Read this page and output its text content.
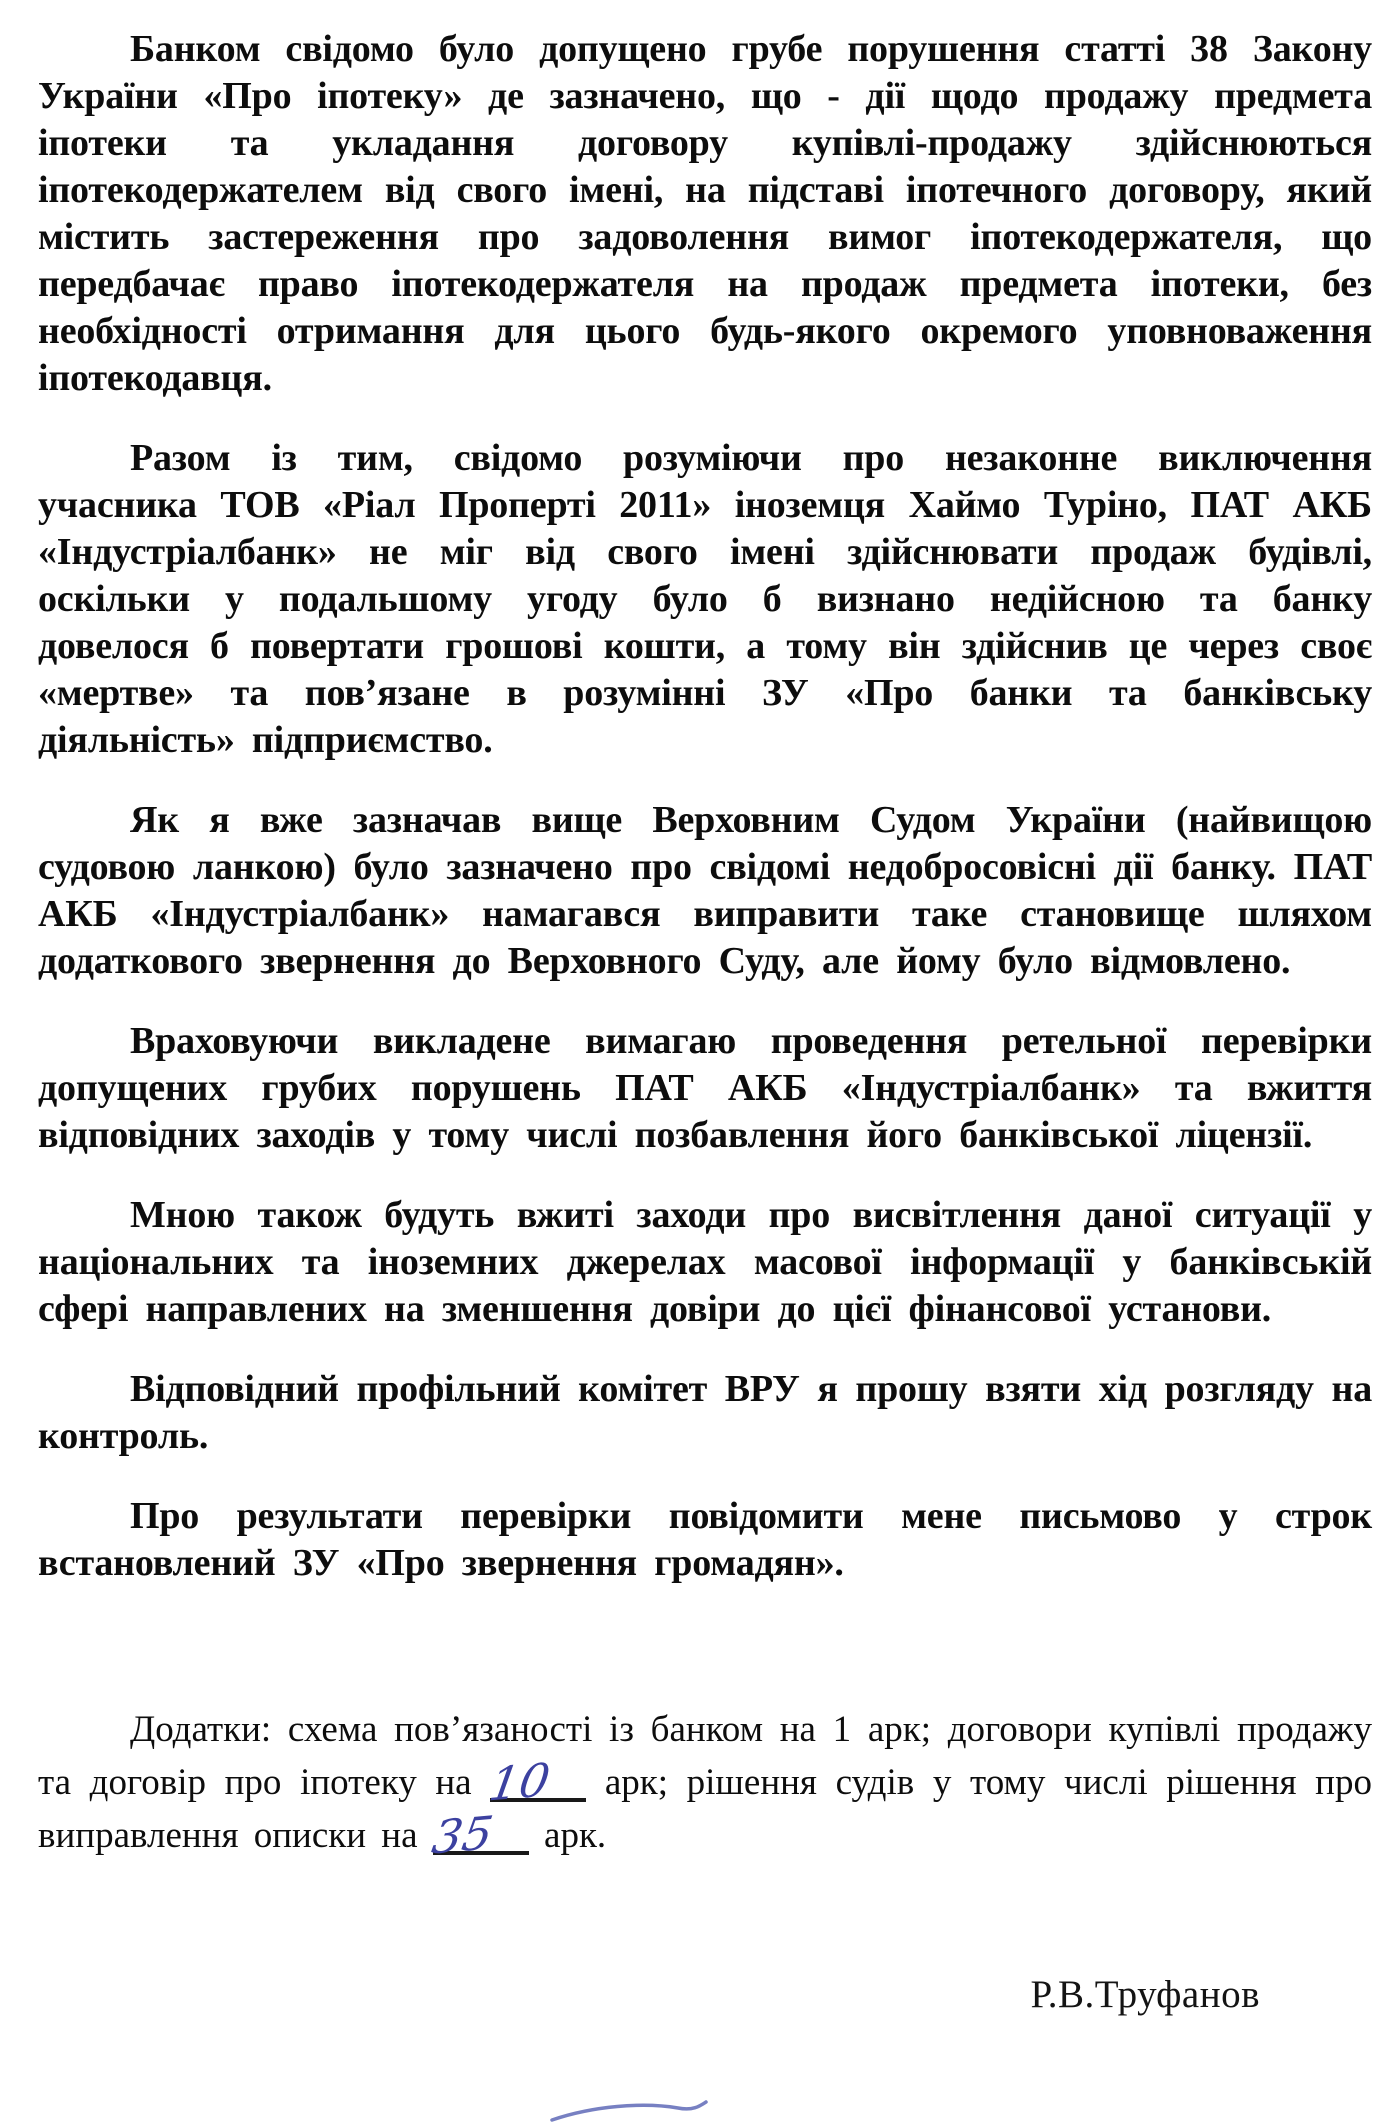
Банком свідомо було допущено грубе порушення статті 38 Закону України «Про іпотеку» де зазначено, що - дії щодо продажу предмета іпотеки та укладання договору купівлі-продажу здійснюються іпотекодержателем від свого імені, на підставі іпотечного договору, який містить застереження про задоволення вимог іпотекодержателя, що передбачає право іпотекодержателя на продаж предмета іпотеки, без необхідності отримання для цього будь-якого окремого уповноваження іпотекодавця.

Разом із тим, свідомо розуміючи про незаконне виключення учасника ТОВ «Ріал Проперті 2011» іноземця Хаймо Туріно, ПАТ АКБ «Індустріалбанк» не міг від свого імені здійснювати продаж будівлі, оскільки у подальшому угоду було б визнано недійсною та банку довелося б повертати грошові кошти, а тому він здійснив це через своє «мертве» та пов’язане в розумінні ЗУ «Про банки та банківську діяльність» підприємство.

Як я вже зазначав вище Верховним Судом України (найвищою судовою ланкою) було зазначено про свідомі недобросовісні дії банку. ПАТ АКБ «Індустріалбанк» намагався виправити таке становище шляхом додаткового звернення до Верховного Суду, але йому було відмовлено.

Враховуючи викладене вимагаю проведення ретельної перевірки допущених грубих порушень ПАТ АКБ «Індустріалбанк» та вжиття відповідних заходів у тому числі позбавлення його банківської ліцензії.

Мною також будуть вжиті заходи про висвітлення даної ситуації у національних та іноземних джерелах масової інформації у банківській сфері направлених на зменшення довіри до цієї фінансової установи.

Відповідний профільний комітет ВРУ я прошу взяти хід розгляду на контроль.

Про результати перевірки повідомити мене письмово у строк встановлений ЗУ «Про звернення громадян».

Додатки: схема пов’язаності із банком на 1 арк; договори купівлі продажу та договір про іпотеку на 10 арк; рішення судів у тому числі рішення про виправлення описки на 35 арк.

Р.В.Труфанов
